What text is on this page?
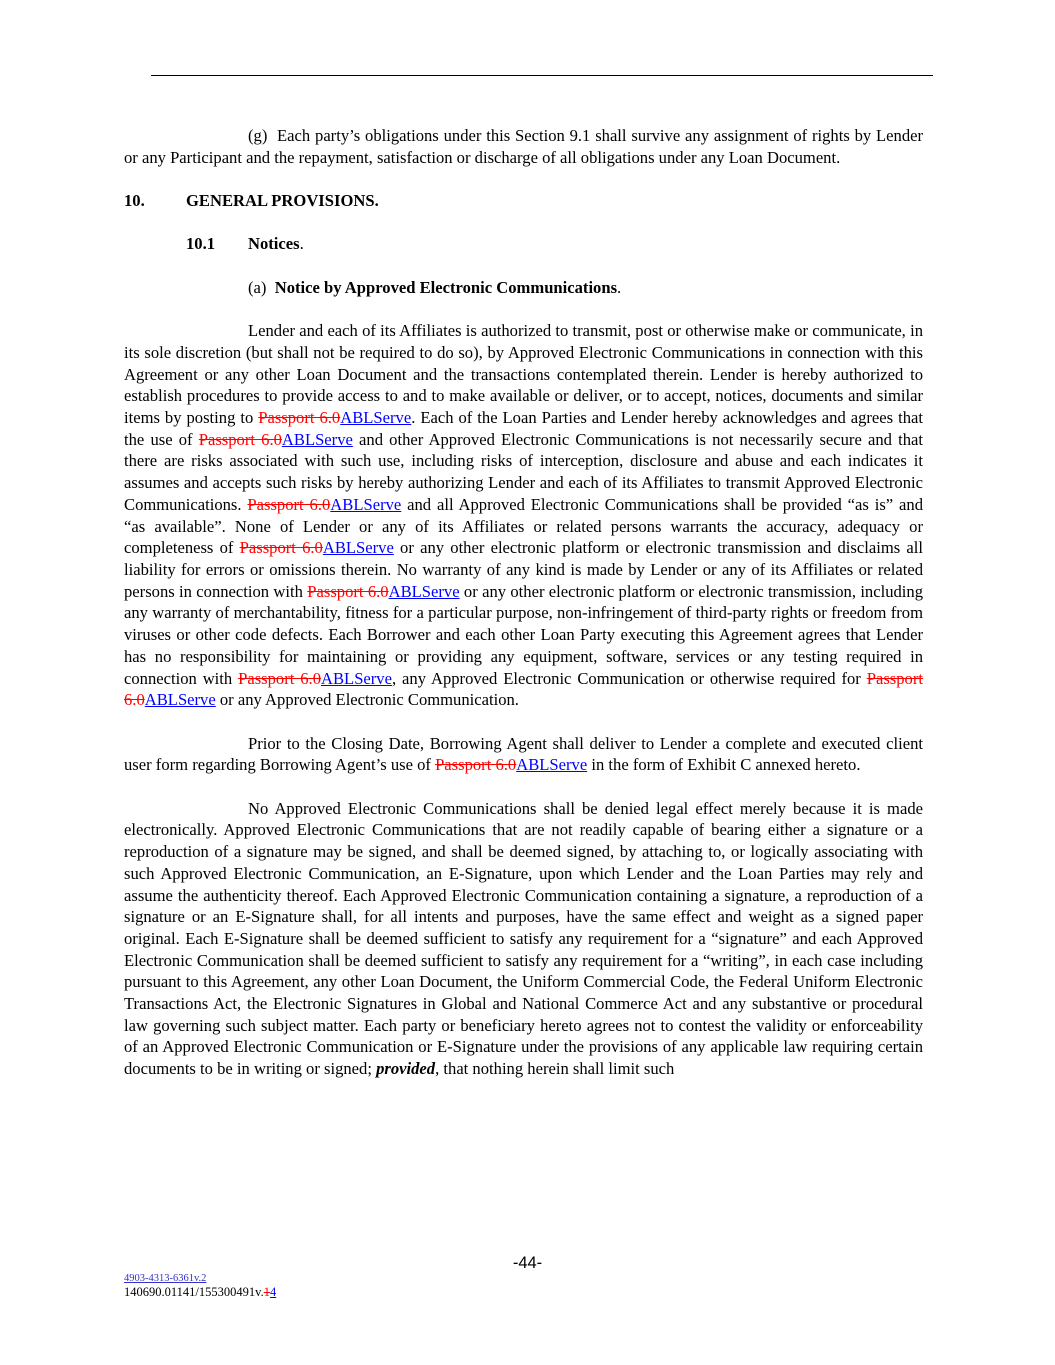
(g) Each party’s obligations under this Section 9.1 shall survive any assignment of rights by Lender or any Participant and the repayment, satisfaction or discharge of all obligations under any Loan Document.

10.	GENERAL PROVISIONS.
10.1	Notices.

(a) Notice by Approved Electronic Communications.

Lender and each of its Affiliates is authorized to transmit, post or otherwise make or communicate, in its sole discretion (but shall not be required to do so), by Approved Electronic Communications in connection with this Agreement or any other Loan Document and the transactions contemplated therein. Lender is hereby authorized to establish procedures to provide access to and to make available or deliver, or to accept, notices, documents and similar items by posting to Passport 6.0ABLServe. Each of the Loan Parties and Lender hereby acknowledges and agrees that the use of Passport 6.0ABLServe and other Approved Electronic Communications is not necessarily secure and that there are risks associated with such use, including risks of interception, disclosure and abuse and each indicates it assumes and accepts such risks by hereby authorizing Lender and each of its Affiliates to transmit Approved Electronic Communications. Passport 6.0ABLServe and all Approved Electronic Communications shall be provided “as is” and “as available”. None of Lender or any of its Affiliates or related persons warrants the accuracy, adequacy or completeness of Passport 6.0ABLServe or any other electronic platform or electronic transmission and disclaims all liability for errors or omissions therein. No warranty of any kind is made by Lender or any of its Affiliates or related persons in connection with Passport 6.0ABLServe or any other electronic platform or electronic transmission, including any warranty of merchantability, fitness for a particular purpose, non-infringement of third-party rights or freedom from viruses or other code defects. Each Borrower and each other Loan Party executing this Agreement agrees that Lender has no responsibility for maintaining or providing any equipment, software, services or any testing required in connection with Passport 6.0ABLServe, any Approved Electronic Communication or otherwise required for Passport 6.0ABLServe or any Approved Electronic Communication.

Prior to the Closing Date, Borrowing Agent shall deliver to Lender a complete and executed client user form regarding Borrowing Agent’s use of Passport 6.0ABLServe in the form of Exhibit C annexed hereto.

No Approved Electronic Communications shall be denied legal effect merely because it is made electronically. Approved Electronic Communications that are not readily capable of bearing either a signature or a reproduction of a signature may be signed, and shall be deemed signed, by attaching to, or logically associating with such Approved Electronic Communication, an E-Signature, upon which Lender and the Loan Parties may rely and assume the authenticity thereof. Each Approved Electronic Communication containing a signature, a reproduction of a signature or an E-Signature shall, for all intents and purposes, have the same effect and weight as a signed paper original. Each E-Signature shall be deemed sufficient to satisfy any requirement for a “signature” and each Approved Electronic Communication shall be deemed sufficient to satisfy any requirement for a “writing”, in each case including pursuant to this Agreement, any other Loan Document, the Uniform Commercial Code, the Federal Uniform Electronic Transactions Act, the Electronic Signatures in Global and National Commerce Act and any substantive or procedural law governing such subject matter. Each party or beneficiary hereto agrees not to contest the validity or enforceability of an Approved Electronic Communication or E-Signature under the provisions of any applicable law requiring certain documents to be in writing or signed; provided, that nothing herein shall limit such

-44-
4903-4313-6361v.2
140690.01141/155300491v.14
